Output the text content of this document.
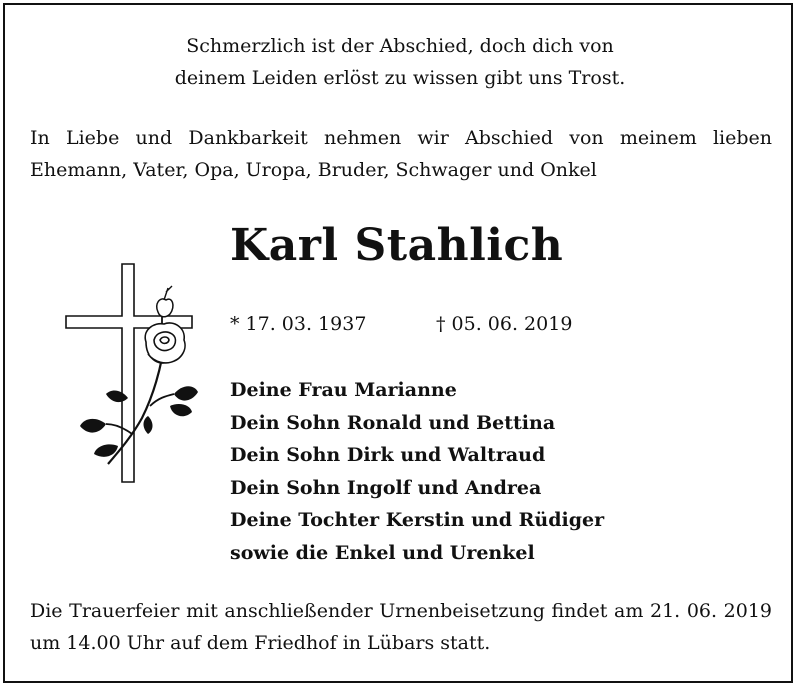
Schmerzlich ist der Abschied, doch dich von
deinem Leiden erlöst zu wissen gibt uns Trost.
In Liebe und Dankbarkeit nehmen wir Abschied von meinem lieben
Ehemann, Vater, Opa, Uropa, Bruder, Schwager und Onkel
Karl Stahlich
* 17. 03. 1937	† 05. 06. 2019
Deine Frau Marianne
Dein Sohn Ronald und Bettina
Dein Sohn Dirk und Waltraud
Dein Sohn Ingolf und Andrea
Deine Tochter Kerstin und Rüdiger
sowie die Enkel und Urenkel
Die Trauerfeier mit anschließender Urnenbeisetzung findet am 21. 06. 2019
um 14.00 Uhr auf dem Friedhof in Lübars statt.
